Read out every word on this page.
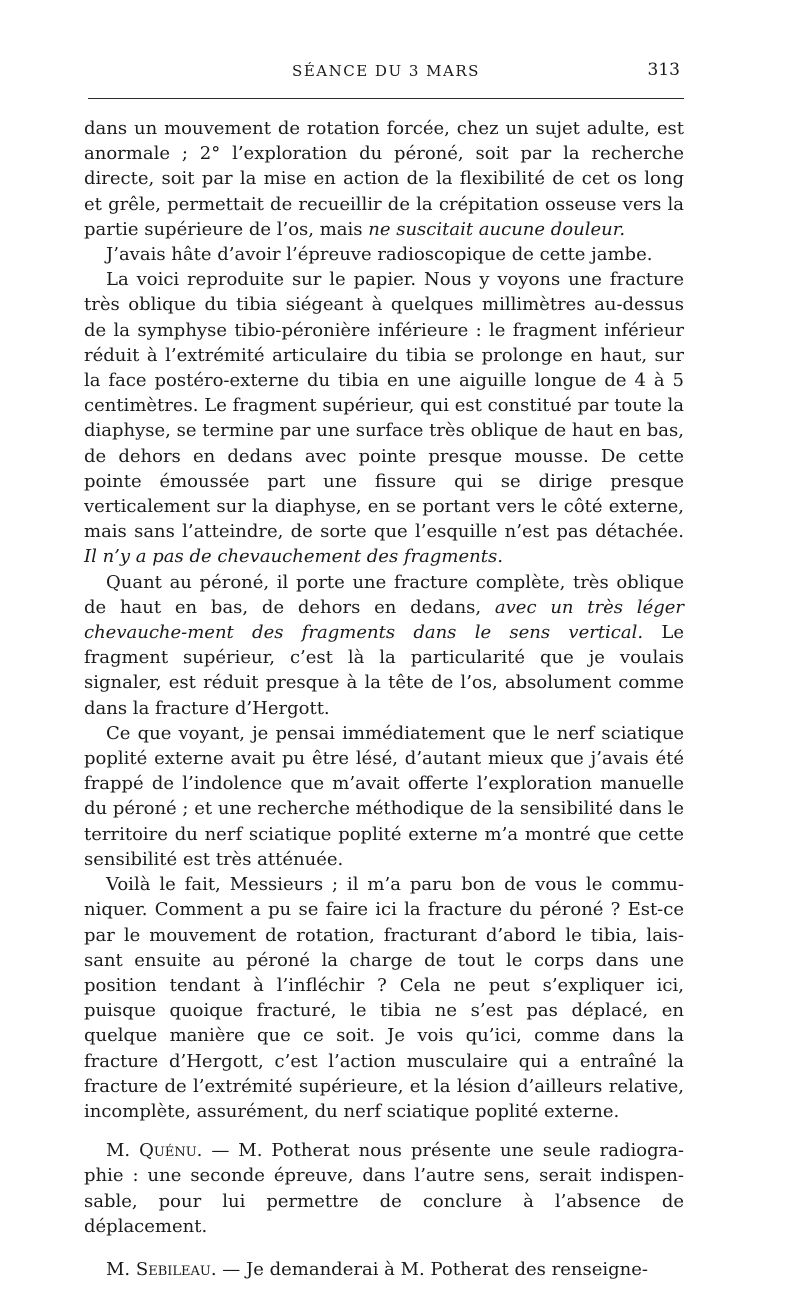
SÉANCE DU 3 MARS	313

dans un mouvement de rotation forcée, chez un sujet adulte, est anormale ; 2° l’exploration du péroné, soit par la recherche directe, soit par la mise en action de la flexibilité de cet os long et grêle, permettait de recueillir de la crépitation osseuse vers la partie supérieure de l’os, mais ne suscitait aucune douleur.

J’avais hâte d’avoir l’épreuve radioscopique de cette jambe.

La voici reproduite sur le papier. Nous y voyons une fracture très oblique du tibia siégeant à quelques millimètres au-dessus de la symphyse tibio-péronière inférieure : le fragment inférieur réduit à l’extrémité articulaire du tibia se prolonge en haut, sur la face postéro-externe du tibia en une aiguille longue de 4 à 5 centimètres. Le fragment supérieur, qui est constitué par toute la diaphyse, se termine par une surface très oblique de haut en bas, de dehors en dedans avec pointe presque mousse. De cette pointe émoussée part une fissure qui se dirige presque verticalement sur la diaphyse, en se portant vers le côté externe, mais sans l’atteindre, de sorte que l’esquille n’est pas détachée. Il n’y a pas de chevauchement des fragments.

Quant au péroné, il porte une fracture complète, très oblique de haut en bas, de dehors en dedans, avec un très léger chevauche-ment des fragments dans le sens vertical. Le fragment supérieur, c’est là la particularité que je voulais signaler, est réduit presque à la tête de l’os, absolument comme dans la fracture d’Hergott.

Ce que voyant, je pensai immédiatement que le nerf sciatique poplité externe avait pu être lésé, d’autant mieux que j’avais été frappé de l’indolence que m’avait offerte l’exploration manuelle du péroné ; et une recherche méthodique de la sensibilité dans le territoire du nerf sciatique poplité externe m’a montré que cette sensibilité est très atténuée.

Voilà le fait, Messieurs ; il m’a paru bon de vous le commu-niquer. Comment a pu se faire ici la fracture du péroné ? Est-ce par le mouvement de rotation, fracturant d’abord le tibia, lais-sant ensuite au péroné la charge de tout le corps dans une position tendant à l’infléchir ? Cela ne peut s’expliquer ici, puisque quoique fracturé, le tibia ne s’est pas déplacé, en quelque manière que ce soit. Je vois qu’ici, comme dans la fracture d’Hergott, c’est l’action musculaire qui a entraîné la fracture de l’extrémité supérieure, et la lésion d’ailleurs relative, incomplète, assurément, du nerf sciatique poplité externe.

M. Quénu. — M. Potherat nous présente une seule radiogra-phie : une seconde épreuve, dans l’autre sens, serait indispen-sable, pour lui permettre de conclure à l’absence de déplacement.

M. Sebileau. — Je demanderai à M. Potherat des renseigne-
